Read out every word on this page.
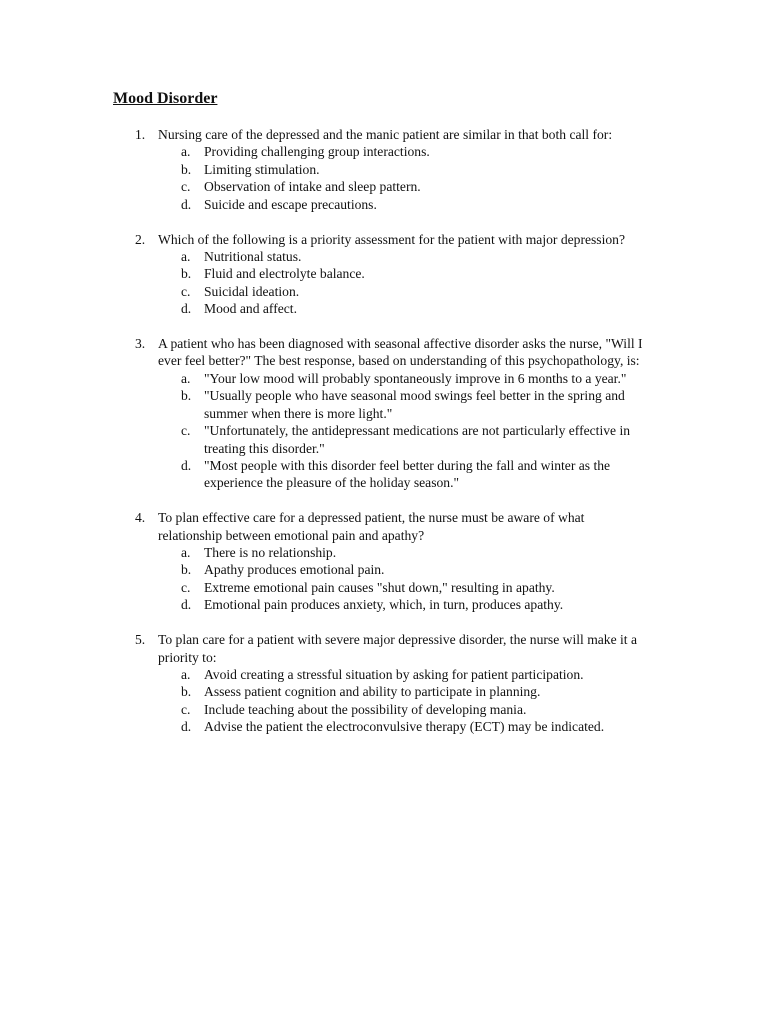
Mood Disorder
1. Nursing care of the depressed and the manic patient are similar in that both call for:
a. Providing challenging group interactions.
b. Limiting stimulation.
c. Observation of intake and sleep pattern.
d. Suicide and escape precautions.
2. Which of the following is a priority assessment for the patient with major depression?
a. Nutritional status.
b. Fluid and electrolyte balance.
c. Suicidal ideation.
d. Mood and affect.
3. A patient who has been diagnosed with seasonal affective disorder asks the nurse, "Will I ever feel better?" The best response, based on understanding of this psychopathology, is:
a. "Your low mood will probably spontaneously improve in 6 months to a year."
b. "Usually people who have seasonal mood swings feel better in the spring and summer when there is more light."
c. "Unfortunately, the antidepressant medications are not particularly effective in treating this disorder."
d. "Most people with this disorder feel better during the fall and winter as the experience the pleasure of the holiday season."
4. To plan effective care for a depressed patient, the nurse must be aware of what relationship between emotional pain and apathy?
a. There is no relationship.
b. Apathy produces emotional pain.
c. Extreme emotional pain causes "shut down," resulting in apathy.
d. Emotional pain produces anxiety, which, in turn, produces apathy.
5. To plan care for a patient with severe major depressive disorder, the nurse will make it a priority to:
a. Avoid creating a stressful situation by asking for patient participation.
b. Assess patient cognition and ability to participate in planning.
c. Include teaching about the possibility of developing mania.
d. Advise the patient the electroconvulsive therapy (ECT) may be indicated.
